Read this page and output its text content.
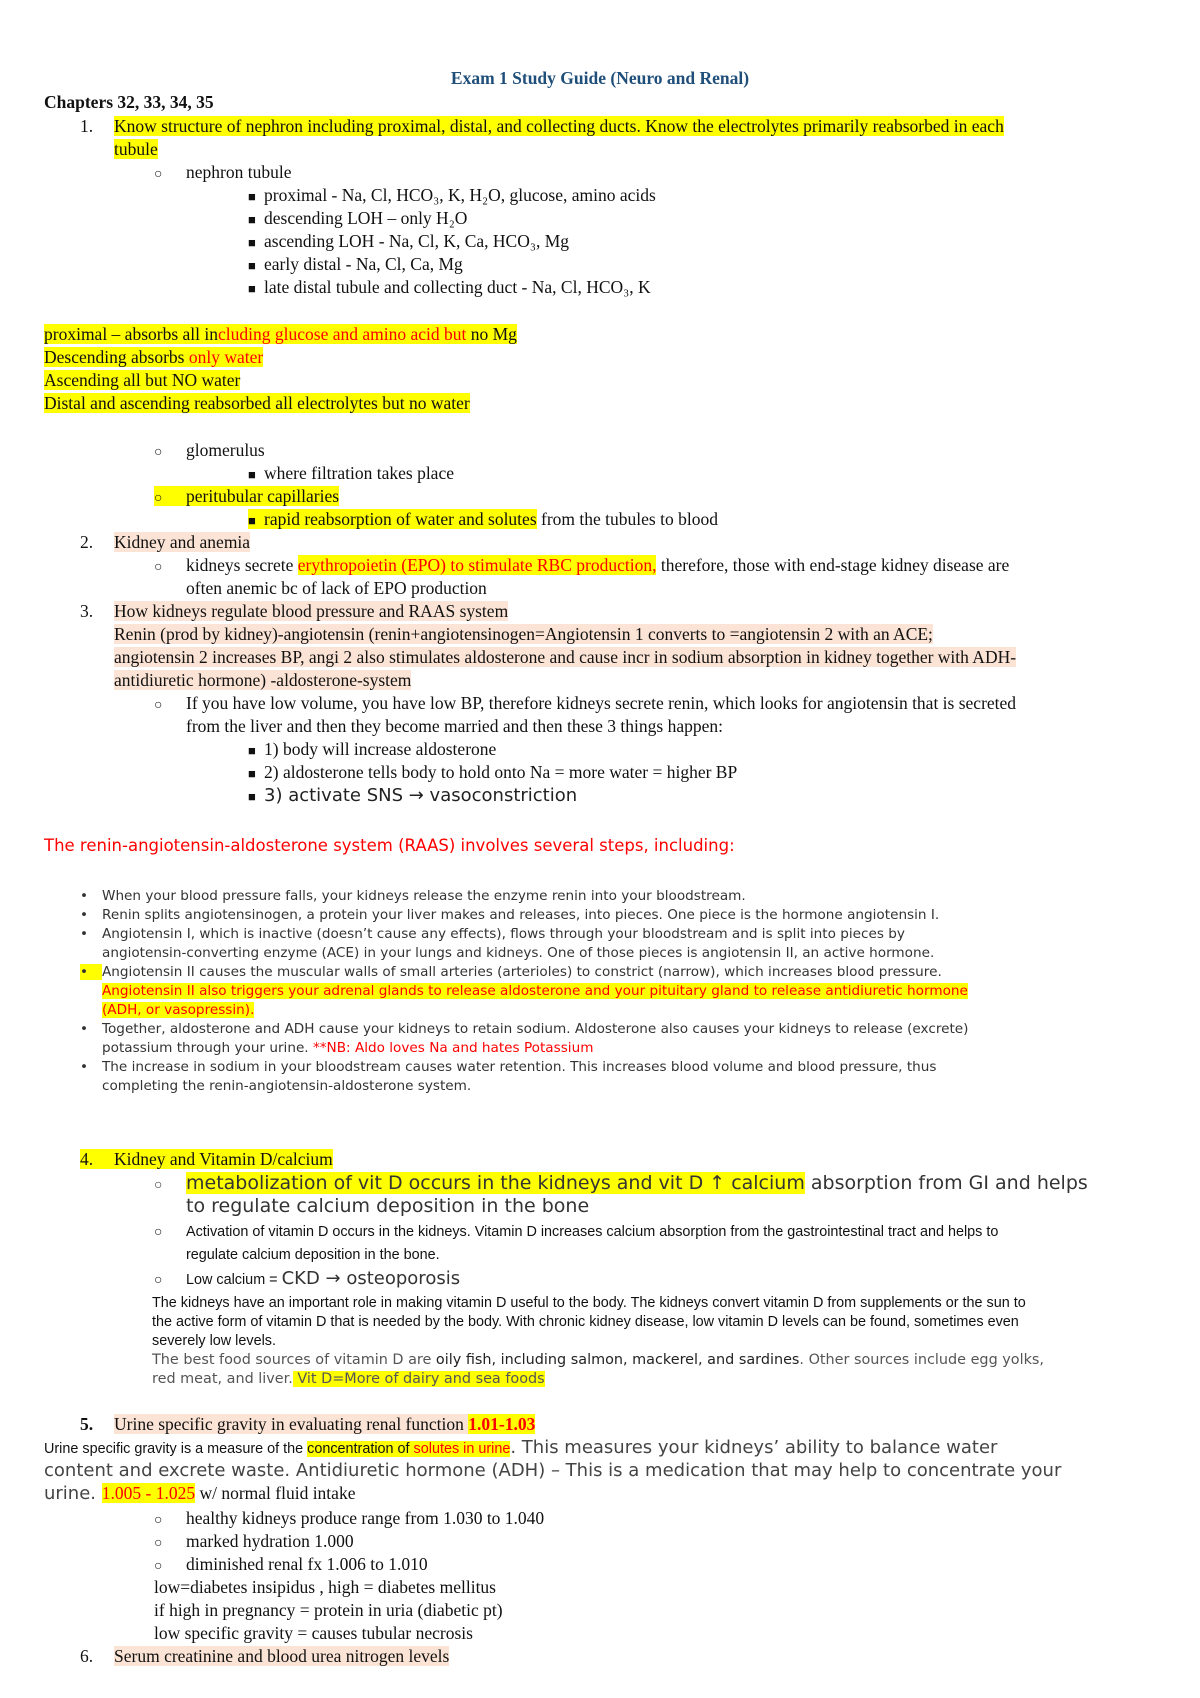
Exam 1 Study Guide (Neuro and Renal)
Chapters 32, 33, 34, 35
1. Know structure of nephron including proximal, distal, and collecting ducts. Know the electrolytes primarily reabsorbed in each
tubule
○ nephron tubule
■ proximal - Na, Cl, HCO₃, K, H₂O, glucose, amino acids
■ descending LOH – only H₂O
■ ascending LOH - Na, Cl, K, Ca, HCO₃, Mg
■ early distal - Na, Cl, Ca, Mg
■ late distal tubule and collecting duct - Na, Cl, HCO₃, K
proximal – absorbs all including glucose and amino acid but no Mg
Descending absorbs only water
Ascending all but NO water
Distal and ascending reabsorbed all electrolytes but no water
○ glomerulus
■ where filtration takes place
○ peritubular capillaries
■ rapid reabsorption of water and solutes from the tubules to blood
2. Kidney and anemia
○ kidneys secrete erythropoietin (EPO) to stimulate RBC production, therefore, those with end-stage kidney disease are
often anemic bc of lack of EPO production
3. How kidneys regulate blood pressure and RAAS system
Renin (prod by kidney)-angiotensin (renin+angiotensinogen=Angiotensin 1 converts to =angiotensin 2 with an ACE;
angiotensin 2 increases BP, angi 2 also stimulates aldosterone and cause incr in sodium absorption in kidney together with ADH-
antidiuretic hormone) -aldosterone-system
○ If you have low volume, you have low BP, therefore kidneys secrete renin, which looks for angiotensin that is secreted
from the liver and then they become married and then these 3 things happen:
■ 1) body will increase aldosterone
■ 2) aldosterone tells body to hold onto Na = more water = higher BP
■ 3) activate SNS → vasoconstriction
The renin-angiotensin-aldosterone system (RAAS) involves several steps, including:
• When your blood pressure falls, your kidneys release the enzyme renin into your bloodstream.
• Renin splits angiotensinogen, a protein your liver makes and releases, into pieces. One piece is the hormone angiotensin I.
• Angiotensin I, which is inactive (doesn’t cause any effects), flows through your bloodstream and is split into pieces by
angiotensin-converting enzyme (ACE) in your lungs and kidneys. One of those pieces is angiotensin II, an active hormone.
• Angiotensin II causes the muscular walls of small arteries (arterioles) to constrict (narrow), which increases blood pressure.
Angiotensin II also triggers your adrenal glands to release aldosterone and your pituitary gland to release antidiuretic hormone
(ADH, or vasopressin).
• Together, aldosterone and ADH cause your kidneys to retain sodium. Aldosterone also causes your kidneys to release (excrete)
potassium through your urine. **NB: Aldo loves Na and hates Potassium
• The increase in sodium in your bloodstream causes water retention. This increases blood volume and blood pressure, thus
completing the renin-angiotensin-aldosterone system.
4. Kidney and Vitamin D/calcium
○ metabolization of vit D occurs in the kidneys and vit D ↑ calcium absorption from GI and helps
to regulate calcium deposition in the bone
○ Activation of vitamin D occurs in the kidneys. Vitamin D increases calcium absorption from the gastrointestinal tract and helps to
regulate calcium deposition in the bone.
○ Low calcium = CKD → osteoporosis
The kidneys have an important role in making vitamin D useful to the body. The kidneys convert vitamin D from supplements or the sun to
the active form of vitamin D that is needed by the body. With chronic kidney disease, low vitamin D levels can be found, sometimes even
severely low levels.
The best food sources of vitamin D are oily fish, including salmon, mackerel, and sardines. Other sources include egg yolks,
red meat, and liver. Vit D=More of dairy and sea foods
5. Urine specific gravity in evaluating renal function 1.01-1.03
Urine specific gravity is a measure of the concentration of solutes in urine. This measures your kidneys’ ability to balance water
content and excrete waste. Antidiuretic hormone (ADH) – This is a medication that may help to concentrate your
urine. 1.005 - 1.025 w/ normal fluid intake
○ healthy kidneys produce range from 1.030 to 1.040
○ marked hydration 1.000
○ diminished renal fx 1.006 to 1.010
low=diabetes insipidus , high = diabetes mellitus
if high in pregnancy = protein in uria (diabetic pt)
low specific gravity = causes tubular necrosis
6. Serum creatinine and blood urea nitrogen levels
